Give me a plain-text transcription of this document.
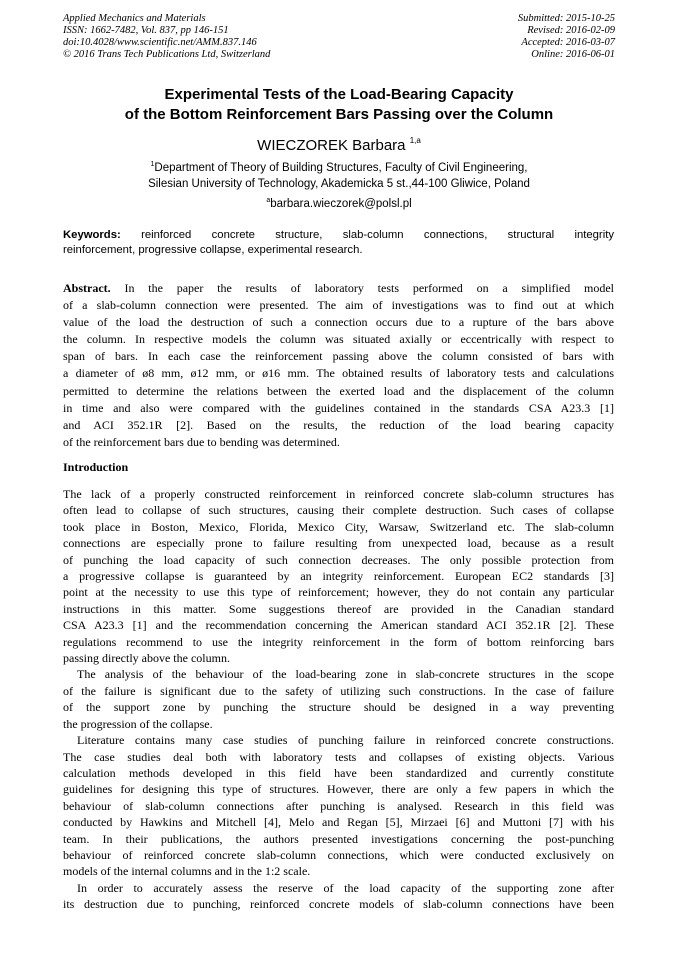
Applied Mechanics and Materials
ISSN: 1662-7482, Vol. 837, pp 146-151
doi:10.4028/www.scientific.net/AMM.837.146
© 2016 Trans Tech Publications Ltd, Switzerland
Submitted: 2015-10-25
Revised: 2016-02-09
Accepted: 2016-03-07
Online: 2016-06-01
Experimental Tests of the Load-Bearing Capacity
of the Bottom Reinforcement Bars Passing over the Column
WIECZOREK Barbara $^{1,a}$
$^1$Department of Theory of Building Structures, Faculty of Civil Engineering,
Silesian University of Technology, Akademicka 5 st.,44-100 Gliwice, Poland
$^a$barbara.wieczorek@polsl.pl
Keywords: reinforced concrete structure, slab-column connections, structural integrity
reinforcement, progressive collapse, experimental research.
Abstract. In the paper the results of laboratory tests performed on a simplified model
of a slab-column connection were presented. The aim of investigations was to find out at which
value of the load the destruction of such a connection occurs due to a rupture of the bars above
the column. In respective models the column was situated axially or eccentrically with respect to
span of bars. In each case the reinforcement passing above the column consisted of bars with
a diameter of ø8 mm, ø12 mm, or ø16 mm. The obtained results of laboratory tests and calculations
permitted to determine the relations between the exerted load and the displacement of the column
in time and also were compared with the guidelines contained in the standards CSA A23.3 [1]
and ACI 352.1R [2]. Based on the results, the reduction of the load bearing capacity
of the reinforcement bars due to bending was determined.
Introduction
The lack of a properly constructed reinforcement in reinforced concrete slab-column structures has
often lead to collapse of such structures, causing their complete destruction. Such cases of collapse
took place in Boston, Mexico, Florida, Mexico City, Warsaw, Switzerland etc. The slab-column
connections are especially prone to failure resulting from unexpected load, because as a result
of punching the load capacity of such connection decreases. The only possible protection from
a progressive collapse is guaranteed by an integrity reinforcement. European EC2 standards [3]
point at the necessity to use this type of reinforcement; however, they do not contain any particular
instructions in this matter. Some suggestions thereof are provided in the Canadian standard
CSA A23.3 [1] and the recommendation concerning the American standard ACI 352.1R [2]. These
regulations recommend to use the integrity reinforcement in the form of bottom reinforcing bars
passing directly above the column.
The analysis of the behaviour of the load-bearing zone in slab-concrete structures in the scope
of the failure is significant due to the safety of utilizing such constructions. In the case of failure
of the support zone by punching the structure should be designed in a way preventing
the progression of the collapse.
Literature contains many case studies of punching failure in reinforced concrete constructions.
The case studies deal both with laboratory tests and collapses of existing objects. Various
calculation methods developed in this field have been standardized and currently constitute
guidelines for designing this type of structures. However, there are only a few papers in which the
behaviour of slab-column connections after punching is analysed. Research in this field was
conducted by Hawkins and Mitchell [4], Melo and Regan [5], Mirzaei [6] and Muttoni [7] with his
team. In their publications, the authors presented investigations concerning the post-punching
behaviour of reinforced concrete slab-column connections, which were conducted exclusively on
models of the internal columns and in the 1:2 scale.
In order to accurately assess the reserve of the load capacity of the supporting zone after
its destruction due to punching, reinforced concrete models of slab-column connections have been
